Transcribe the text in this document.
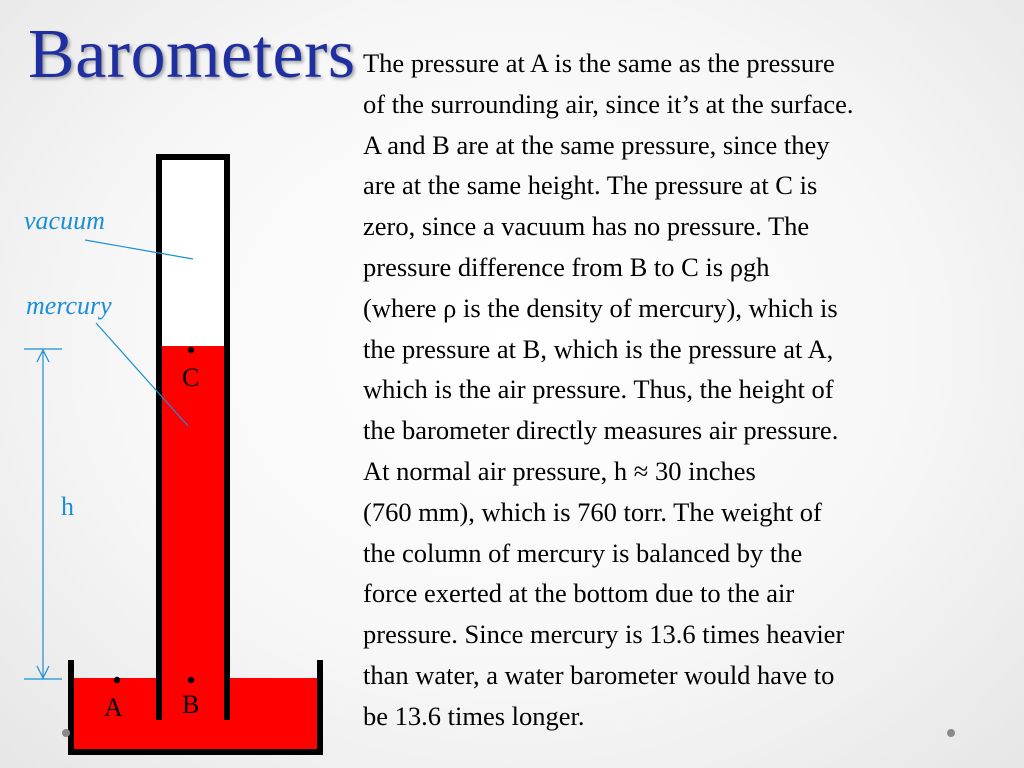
Barometers
C
A B
vacuum
mercury
h

The pressure at A is the same as the pressure

of the surrounding air, since it’s at the surface.

A and B are at the same pressure, since they

are at the same height. The pressure at C is

zero, since a vacuum has no pressure. The

pressure difference from B to C is ρgh

(where ρ is the density of mercury), which is

the pressure at B, which is the pressure at A,

which is the air pressure. Thus, the height of

the barometer directly measures air pressure.

At normal air pressure, h ≈ 30 inches

(760 mm), which is 760 torr. The weight of

the column of mercury is balanced by the

force exerted at the bottom due to the air

pressure. Since mercury is 13.6 times heavier

than water, a water barometer would have to

be 13.6 times longer.
